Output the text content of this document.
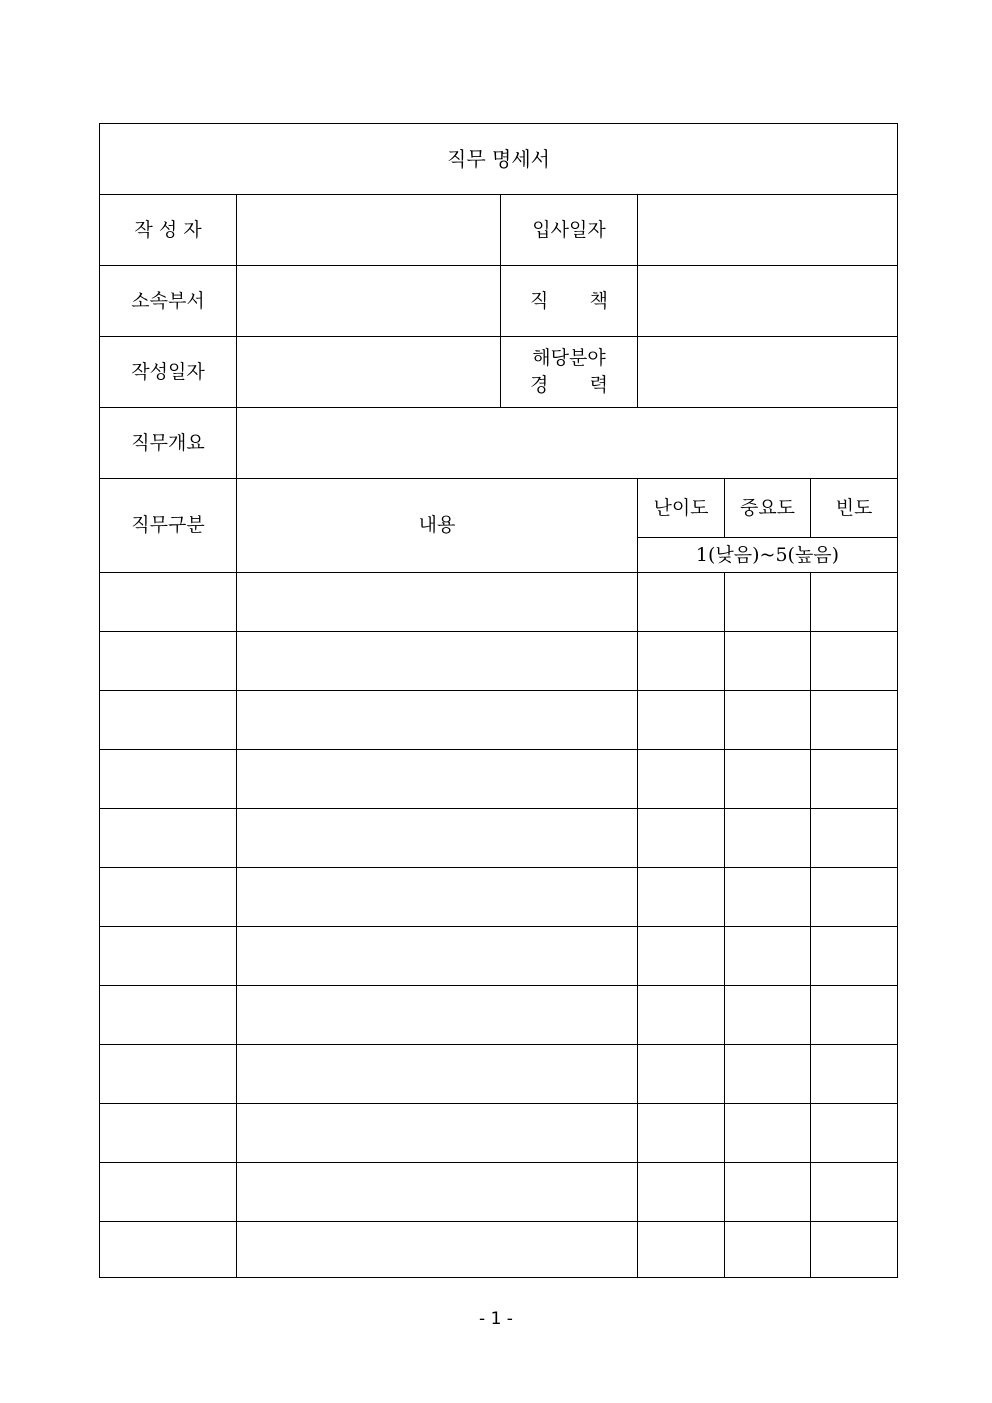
직무 명세서					
작 성 자		입사일자			
소속부서		직 책			

작성일자		해당분야
경 력			

직무개요					
직무구분	내용		난이도	중요도	빈도
			1(낮음)~5(높음)		

- 1 -
